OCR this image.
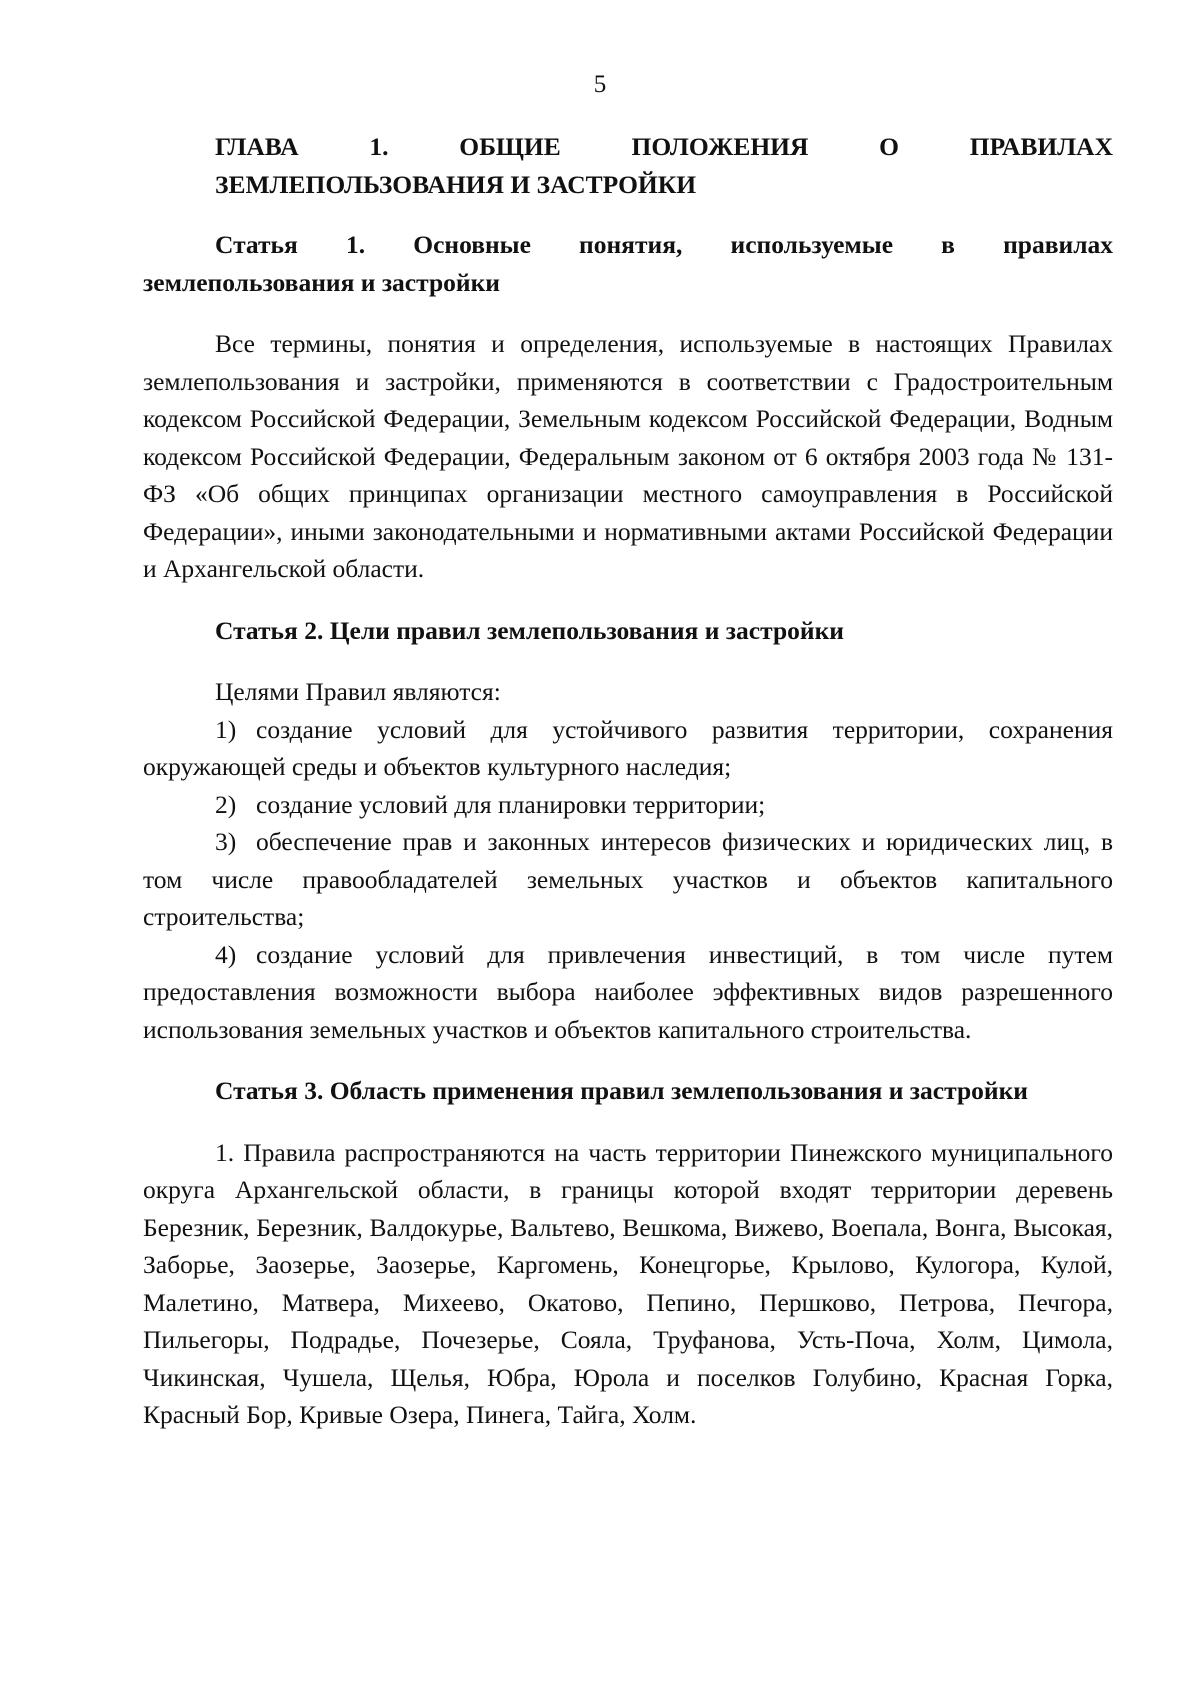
5
ГЛАВА 1. ОБЩИЕ ПОЛОЖЕНИЯ О ПРАВИЛАХ
ЗЕМЛЕПОЛЬЗОВАНИЯ И ЗАСТРОЙКИ
Статья 1. Основные понятия, используемые в правилах
землепользования и застройки

Все термины, понятия и определения, используемые в настоящих Правилах землепользования и застройки, применяются в соответствии с Градостроительным кодексом Российской Федерации, Земельным кодексом Российской Федерации, Водным кодексом Российской Федерации, Федеральным законом от 6 октября 2003 года № 131-ФЗ «Об общих принципах организации местного самоуправления в Российской Федерации», иными законодательными и нормативными актами Российской Федерации и Архангельской области.

Статья 2. Цели правил землепользования и застройки

Целями Правил являются:

1) создание условий для устойчивого развития территории, сохранения окружающей среды и объектов культурного наследия;

2) создание условий для планировки территории;

3) обеспечение прав и законных интересов физических и юридических лиц, в том числе правообладателей земельных участков и объектов капитального строительства;

4) создание условий для привлечения инвестиций, в том числе путем предоставления возможности выбора наиболее эффективных видов разрешенного использования земельных участков и объектов капитального строительства.

Статья 3. Область применения правил землепользования и застройки

1. Правила распространяются на часть территории Пинежского муниципального округа Архангельской области, в границы которой входят территории деревень Березник, Березник, Валдокурье, Вальтево, Вешкома, Вижево, Воепала, Вонга, Высокая, Заборье, Заозерье, Заозерье, Каргомень, Конецгорье, Крылово, Кулогора, Кулой, Малетино, Матвера, Михеево, Окатово, Пепино, Першково, Петрова, Печгора, Пильегоры, Подрадье, Почезерье, Сояла, Труфанова, Усть-Поча, Холм, Цимола, Чикинская, Чушела, Щелья, Юбра, Юрола и поселков Голубино, Красная Горка, Красный Бор, Кривые Озера, Пинега, Тайга, Холм.
